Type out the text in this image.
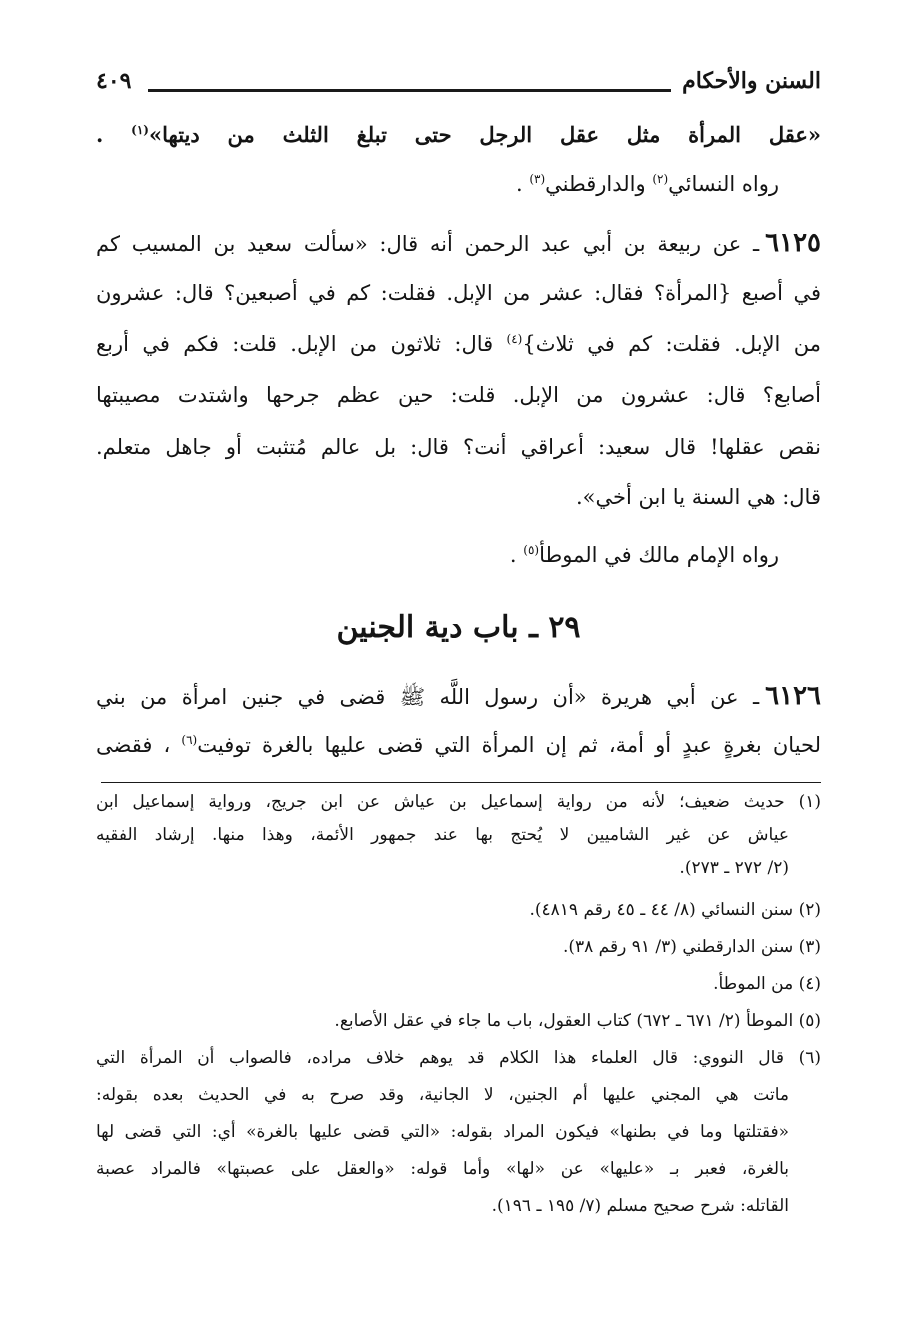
السنن والأحكام
٤٠٩
«عقل المرأة مثل عقل الرجل حتى تبلغ الثلث من ديتها»$^{(١)}$ .
رواه النسائي$^{(٢)}$ والدارقطني$^{(٣)}$ .
٦١٢٥ـ عن ربيعة بن أبي عبد الرحمن أنه قال: «سألت سعيد بن المسيب كم
في أصبع {المرأة؟ فقال: عشر من الإبل. فقلت: كم في أصبعين؟ قال: عشرون
من الإبل. فقلت: كم في ثلاث}$^{(٤)}$ قال: ثلاثون من الإبل. قلت: فكم في أربع
أصابع؟ قال: عشرون من الإبل. قلت: حين عظم جرحها واشتدت مصيبتها
نقص عقلها! قال سعيد: أعراقي أنت؟ قال: بل عالم مُتثبت أو جاهل متعلم.
قال: هي السنة يا ابن أخي».
رواه الإمام مالك في الموطأ$^{(٥)}$ .
٢٩ ـ باب دية الجنين
٦١٢٦ـ عن أبي هريرة «أن رسول اللَّه ﷺ قضى في جنين امرأة من بني
لحيان بغرةٍ عبدٍ أو أمة، ثم إن المرأة التي قضى عليها بالغرة توفيت$^{(٦)}$ ، فقضى
(١) حديث ضعيف؛ لأنه من رواية إسماعيل بن عياش عن ابن جريج، ورواية إسماعيل ابن
عياش عن غير الشاميين لا يُحتج بها عند جمهور الأئمة، وهذا منها. إرشاد الفقيه
(٢/ ٢٧٢ ـ ٢٧٣).
(٢) سنن النسائي (٨/ ٤٤ ـ ٤٥ رقم ٤٨١٩).
(٣) سنن الدارقطني (٣/ ٩١ رقم ٣٨).
(٤) من الموطأ.
(٥) الموطأ (٢/ ٦٧١ ـ ٦٧٢) كتاب العقول، باب ما جاء في عقل الأصابع.
(٦) قال النووي: قال العلماء هذا الكلام قد يوهم خلاف مراده، فالصواب أن المرأة التي
ماتت هي المجني عليها أم الجنين، لا الجانية، وقد صرح به في الحديث بعده بقوله:
«فقتلتها وما في بطنها» فيكون المراد بقوله: «التي قضى عليها بالغرة» أي: التي قضى لها
بالغرة، فعبر بـ «عليها» عن «لها» وأما قوله: «والعقل على عصبتها» فالمراد عصبة
القاتله: شرح صحيح مسلم (٧/ ١٩٥ ـ ١٩٦).
